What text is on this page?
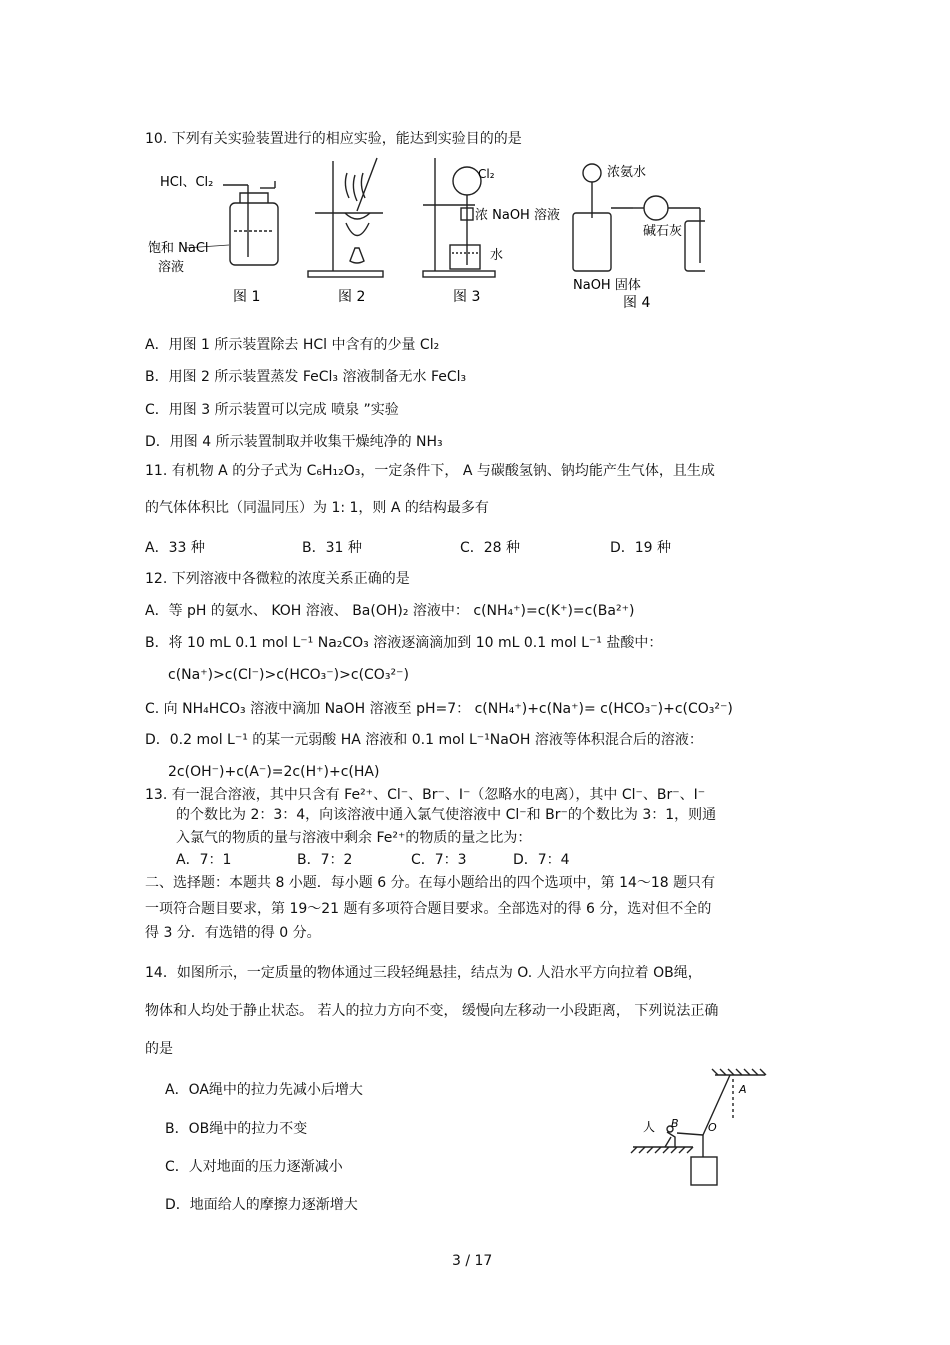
10. 下列有关实验装置进行的相应实验，能达到实验目的的是
HCl、Cl₂
饱和 NaCl
溶液
图 1	图 2
Cl₂
浓 NaOH 溶液
水
图 3
浓氨水
碱石灰
NaOH 固体
图 4
A．用图 1 所示装置除去 HCl 中含有的少量 Cl₂
B．用图 2 所示装置蒸发 FeCl₃ 溶液制备无水 FeCl₃
C．用图 3 所示装置可以完成 喷泉 ”实验
D．用图 4 所示装置制取并收集干燥纯净的 NH₃
11. 有机物 A 的分子式为 C₆H₁₂O₃，一定条件下， A 与碳酸氢钠、钠均能产生气体，且生成
的气体体积比（同温同压）为 1: 1，则 A 的结构最多有
A．33 种	B．31 种	C．28 种	D．19 种
12. 下列溶液中各微粒的浓度关系正确的是
A．等 pH 的氨水、 KOH 溶液、 Ba(OH)₂ 溶液中： c(NH₄⁺)=c(K⁺)=c(Ba²⁺)
B．将 10 mL 0.1 mol L⁻¹ Na₂CO₃ 溶液逐滴滴加到 10 mL 0.1 mol L⁻¹ 盐酸中：
c(Na⁺)>c(Cl⁻)>c(HCO₃⁻)>c(CO₃²⁻)
C. 向 NH₄HCO₃ 溶液中滴加 NaOH 溶液至 pH=7： c(NH₄⁺)+c(Na⁺)= c(HCO₃⁻)+c(CO₃²⁻)
D．0.2 mol L⁻¹ 的某一元弱酸 HA 溶液和 0.1 mol L⁻¹NaOH 溶液等体积混合后的溶液：
2c(OH⁻)+c(A⁻)=2c(H⁺)+c(HA)
13. 有一混合溶液，其中只含有 Fe²⁺、Cl⁻、Br⁻、I⁻（忽略水的电离），其中 Cl⁻、Br⁻、I⁻
的个数比为 2：3：4，向该溶液中通入氯气使溶液中 Cl⁻和 Br⁻的个数比为 3：1，则通
入氯气的物质的量与溶液中剩余 Fe²⁺的物质的量之比为：
A．7：1	B．7：2	C．7：3	D．7：4
二、选择题：本题共 8 小题．每小题 6 分。在每小题给出的四个选项中，第 14～18 题只有
一项符合题目要求，第 19～21 题有多项符合题目要求。全部选对的得 6 分，选对但不全的
得 3 分．有选错的得 0 分。
14．如图所示，一定质量的物体通过三段轻绳悬挂，结点为 O. 人沿水平方向拉着 OB绳，
物体和人均处于静止状态。 若人的拉力方向不变， 缓慢向左移动一小段距离， 下列说法正确
的是
A．OA绳中的拉力先减小后增大
B．OB绳中的拉力不变
C．人对地面的压力逐渐减小
D．地面给人的摩擦力逐渐增大
人 B	O
A
3 / 17
